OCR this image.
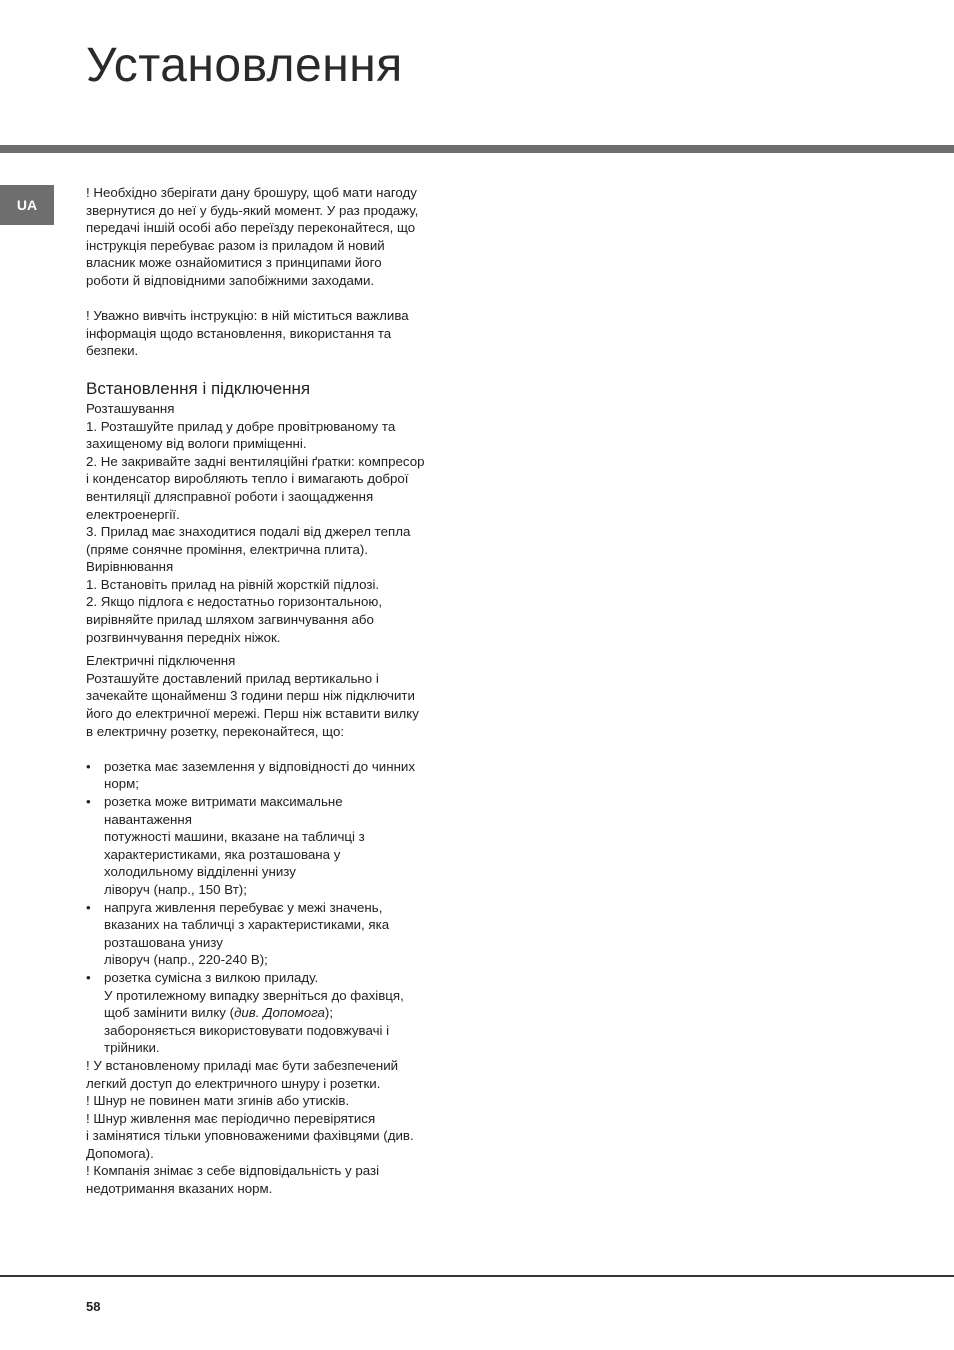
Установлення
UA

! Необхідно зберігати дану брошуру, щоб мати нагоду
звернутися до неї у будь-який момент. У раз продажу,
передачі іншій особі або переїзду переконайтеся, що
інструкція перебуває разом із приладом й новий
власник може ознайомитися з принципами його
роботи й відповідними запобіжними заходами.

! Уважно вивчіть інструкцію: в ній міститься важлива
інформація щодо встановлення, використання та
безпеки.

Встановлення і підключення

Розташування

1. Розташуйте прилад у добре провітрюваному та
захищеному від вологи приміщенні.

2. Не закривайте задні вентиляційні ґратки: компресор
і конденсатор виробляють тепло і вимагають доброї
вентиляції дляcправної роботи і заощадження
електроенергії.

3. Прилад має знаходитися подалі від джерел тепла
(пряме сонячне проміння, електрична плита).

Вирівнювання

1. Встановіть прилад на рівній жорсткій підлозі.
2. Якщо підлога є недостатньо горизонтальною,
вирівняйте прилад шляхом загвинчування або
розгвинчування передніх ніжок.

Електричні підключення

Розташуйте доставлений прилад вертикально і
зачекайте щонайменш 3 години перш ніж підключити
його до електричної мережі. Перш ніж вставити вилку
в електричну розетку, переконайтеся, що:

• розетка має заземлення у відповідності до чинних
норм;
• розетка може витримати максимальне
навантаження
потужності машини, вказане на табличці з
характеристиками, яка розташована у
холодильному відділенні унизу
ліворуч (напр., 150 Вт);
• напруга живлення перебуває у межі значень,
вказаних на табличці з характеристиками, яка
розташована унизу
ліворуч (напр., 220-240 В);
• розетка сумісна з вилкою приладу.
У протилежному випадку зверніться до фахівця,
щоб замінити вилку (див. Допомога);
забороняється використовувати подовжувачі і
трійники.

! У встановленому приладі має бути забезпечений
легкий доступ до електричного шнуру і розетки.
! Шнур не повинен мати згинів або утисків.
! Шнур живлення має періодично перевірятися
і замінятися тільки уповноваженими фахівцями (див.
Допомога).
! Компанія знімає з себе відповідальність у разі
недотримання вказаних норм.

58
